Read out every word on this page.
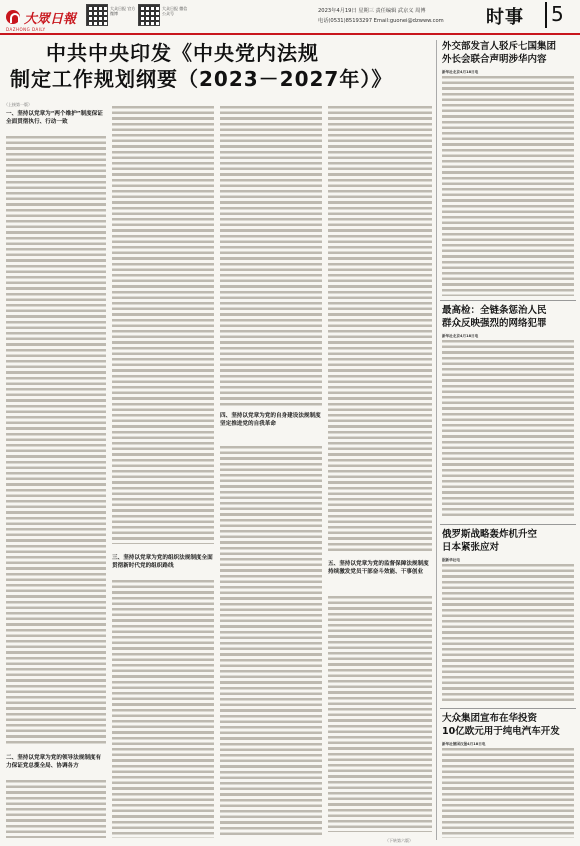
大眾日報
DAZHONG DAILY
大众日报 官方微博
大众日报 微信公众号	2023年4月19日 星期三 责任编辑 武京义 周博
电话(0531)85193297 Email:guonei@dzwww.com 时事 5
中共中央印发《中央党内法规
制定工作规划纲要（2023－2027年）》
（上接第一版）
一、坚持以党章为“两个维护”制度保证全面贯彻执行、行动一致
二、坚持以党章为党的领导法规制度有力保证党总揽全局、协调各方
三、坚持以党章为党的组织法规制度全面贯彻新时代党的组织路线
四、坚持以党章为党的自身建设法规制度坚定推进党的自我革命
五、坚持以党章为党的监督保障法规制度持续激发党员干部奋斗效能、干事创业
（下转第六版）
外交部发言人驳斥七国集团
外长会联合声明涉华内容
新华社北京4月18日电
最高检：全链条惩治人民
群众反映强烈的网络犯罪
新华社北京4月18日电
俄罗斯战略轰炸机升空
日本紧张应对
据新华社电
大众集团宣布在华投资
10亿欧元用于纯电汽车开发
新华社德国汉堡4月18日电
